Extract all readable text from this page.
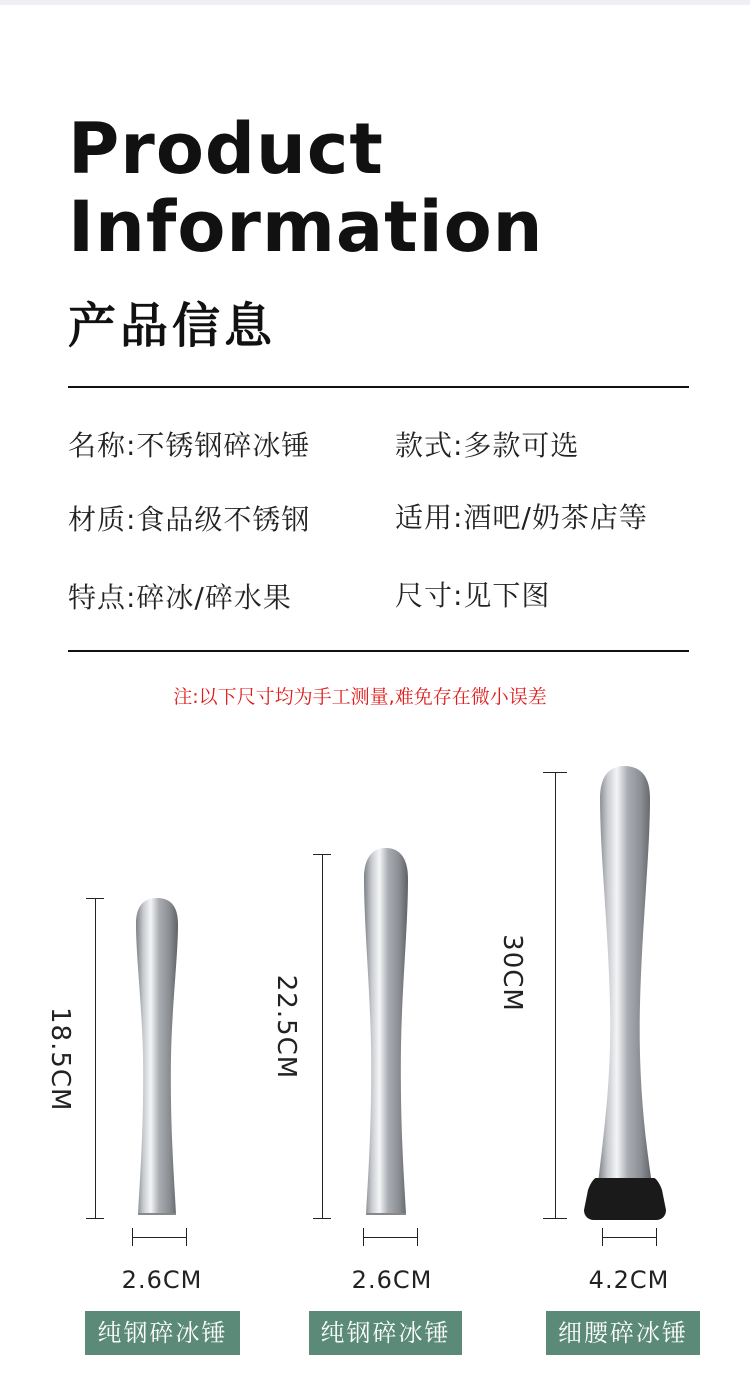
Product
Information
产品信息
名称:不锈钢碎冰锤	款式:多款可选
材质:食品级不锈钢	适用:酒吧/奶茶店等
特点:碎冰/碎水果	尺寸:见下图
注:以下尺寸均为手工测量,难免存在微小误差
18.5CM
2.6CM
纯钢碎冰锤
22.5CM
2.6CM
纯钢碎冰锤
30CM
4.2CM
细腰碎冰锤
